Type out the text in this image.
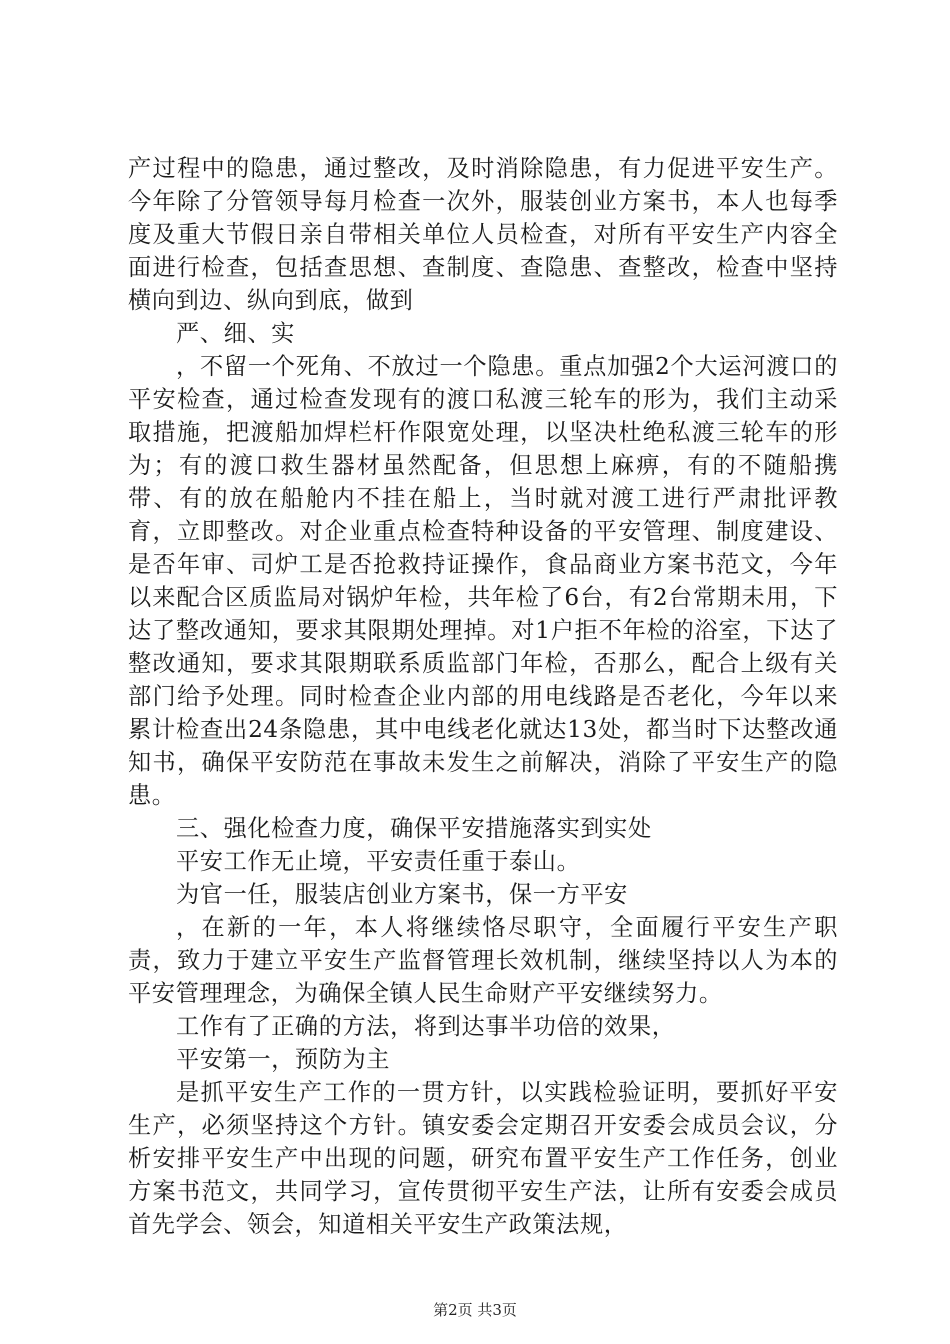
产过程中的隐患，通过整改，及时消除隐患，有力促进平安生产。今年除了分管领导每月检查一次外，服装创业方案书，本人也每季度及重大节假日亲自带相关单位人员检查，对所有平安生产内容全面进行检查，包括查思想、查制度、查隐患、查整改，检查中坚持横向到边、纵向到底，做到

严、细、实

，不留一个死角、不放过一个隐患。重点加强2个大运河渡口的平安检查，通过检查发现有的渡口私渡三轮车的形为，我们主动采取措施，把渡船加焊栏杆作限宽处理，以坚决杜绝私渡三轮车的形为；有的渡口救生器材虽然配备，但思想上麻痹，有的不随船携带、有的放在船舱内不挂在船上，当时就对渡工进行严肃批评教育，立即整改。对企业重点检查特种设备的平安管理、制度建设、是否年审、司炉工是否抢救持证操作，食品商业方案书范文，今年以来配合区质监局对锅炉年检，共年检了6台，有2台常期未用，下达了整改通知，要求其限期处理掉。对1户拒不年检的浴室，下达了整改通知，要求其限期联系质监部门年检，否那么，配合上级有关部门给予处理。同时检查企业内部的用电线路是否老化，今年以来累计检查出24条隐患，其中电线老化就达13处，都当时下达整改通知书，确保平安防范在事故未发生之前解决，消除了平安生产的隐患。

三、强化检查力度，确保平安措施落实到实处

平安工作无止境，平安责任重于泰山。

为官一任，服装店创业方案书，保一方平安

，在新的一年，本人将继续恪尽职守，全面履行平安生产职责，致力于建立平安生产监督管理长效机制，继续坚持以人为本的平安管理理念，为确保全镇人民生命财产平安继续努力。

工作有了正确的方法，将到达事半功倍的效果，

平安第一，预防为主

是抓平安生产工作的一贯方针，以实践检验证明，要抓好平安生产，必须坚持这个方针。镇安委会定期召开安委会成员会议，分析安排平安生产中出现的问题，研究布置平安生产工作任务，创业方案书范文，共同学习，宣传贯彻平安生产法，让所有安委会成员首先学会、领会，知道相关平安生产政策法规，

第2页 共3页
